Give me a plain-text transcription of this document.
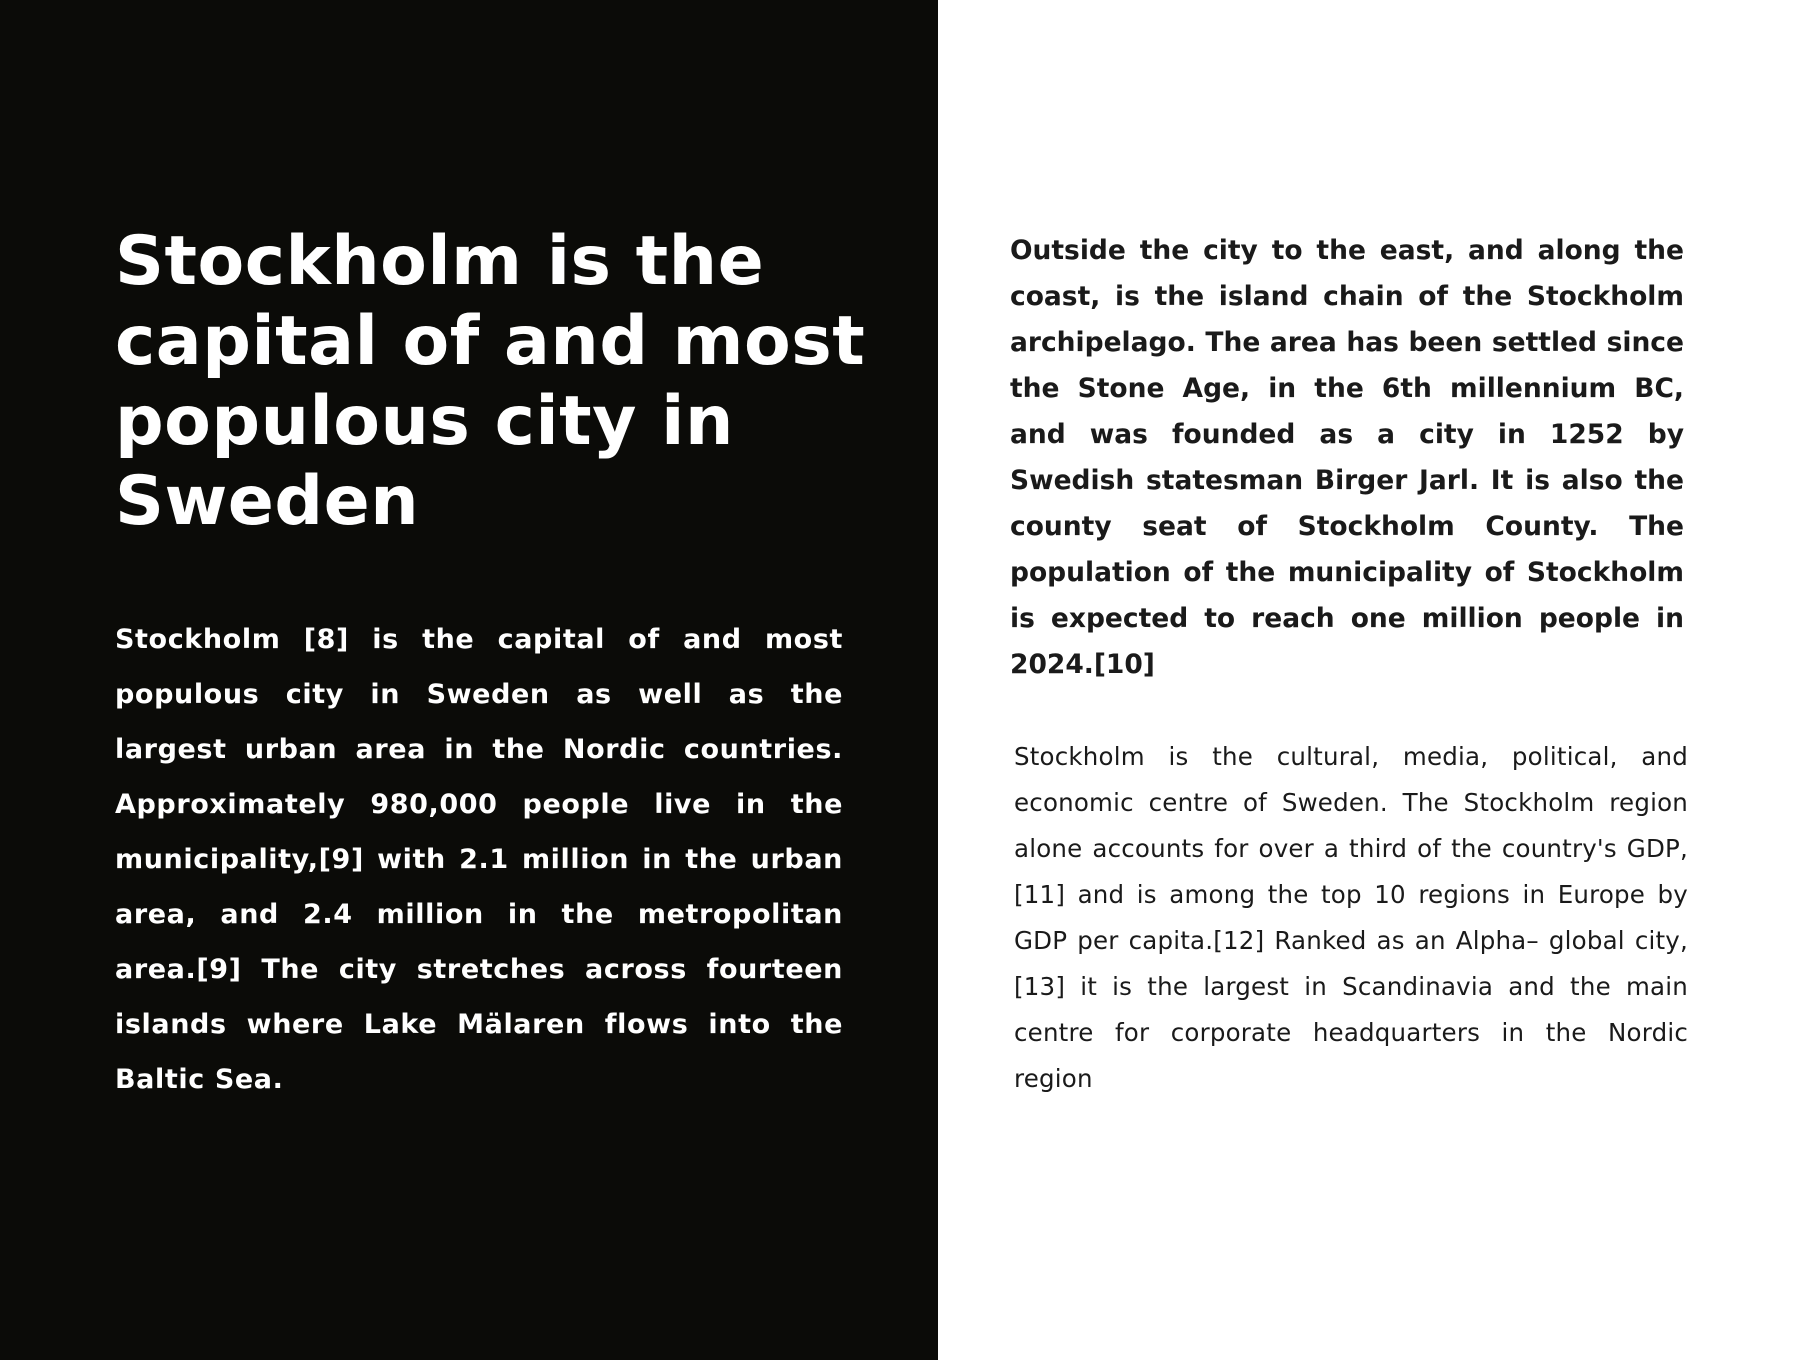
Stockholm is the capital of and most populous city in Sweden

Stockholm [8] is the capital of and most populous city in Sweden as well as the largest urban area in the Nordic countries. Approximately 980,000 people live in the municipality,[9] with 2.1 million in the urban area, and 2.4 million in the metropolitan area.[9] The city stretches across fourteen islands where Lake Mälaren flows into the Baltic Sea.

Outside the city to the east, and along the coast, is the island chain of the Stockholm archipelago. The area has been settled since the Stone Age, in the 6th millennium BC, and was founded as a city in 1252 by Swedish statesman Birger Jarl. It is also the county seat of Stockholm County. The population of the municipality of Stockholm is expected to reach one million people in 2024.[10]

Stockholm is the cultural, media, political, and economic centre of Sweden. The Stockholm region alone accounts for over a third of the country's GDP,[11] and is among the top 10 regions in Europe by GDP per capita.[12] Ranked as an Alpha– global city,[13] it is the largest in Scandinavia and the main centre for corporate headquarters in the Nordic region
